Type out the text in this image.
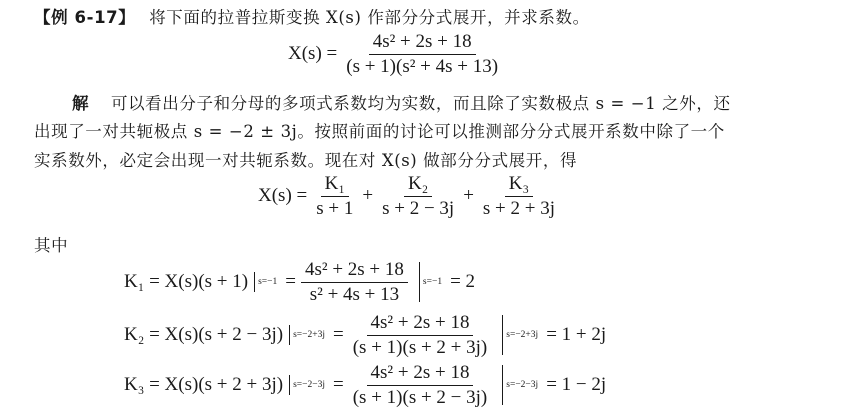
【例 6-17】 将下面的拉普拉斯变换 X(s) 作部分分式展开，并求系数。
$X(s) = \frac{\text{4s² + 2s + 18}}{\text{(s + 1)(s² + 4s + 13)}}$
解 可以看出分子和分母的多项式系数均为实数，而且除了实数极点 s = −1 之外，还
出现了一对共轭极点 s = −2 ± 3j。按照前面的讨论可以推测部分分式展开系数中除了一个
实系数外，必定会出现一对共轭系数。现在对 X(s) 做部分分式展开，得
$X(s) = \frac{\text{K₁}}{s + 1} + \frac{\text{K₂}}{s + 2 - 3j} + \frac{\text{K₃}}{s + 2 + 3j}$
其中
K₁ = X(s)(s + 1) $s=-1 = \frac{\text{4s² + 2s + 18}}{\text{s² + 4s + 13}} s=-1 = 2$
K₂ = X(s)(s + 2 − 3j) $s=-2+3j = \frac{\text{4s² + 2s + 18}}{(s + 1)(s + 2 + 3j)} s=-2+3j = 1 + 2j$
K₃ = X(s)(s + 2 + 3j) $s=-2-3j = \frac{\text{4s² + 2s + 18}}{(s + 1)(s + 2 - 3j)} s=-2-3j = 1 - 2j$
